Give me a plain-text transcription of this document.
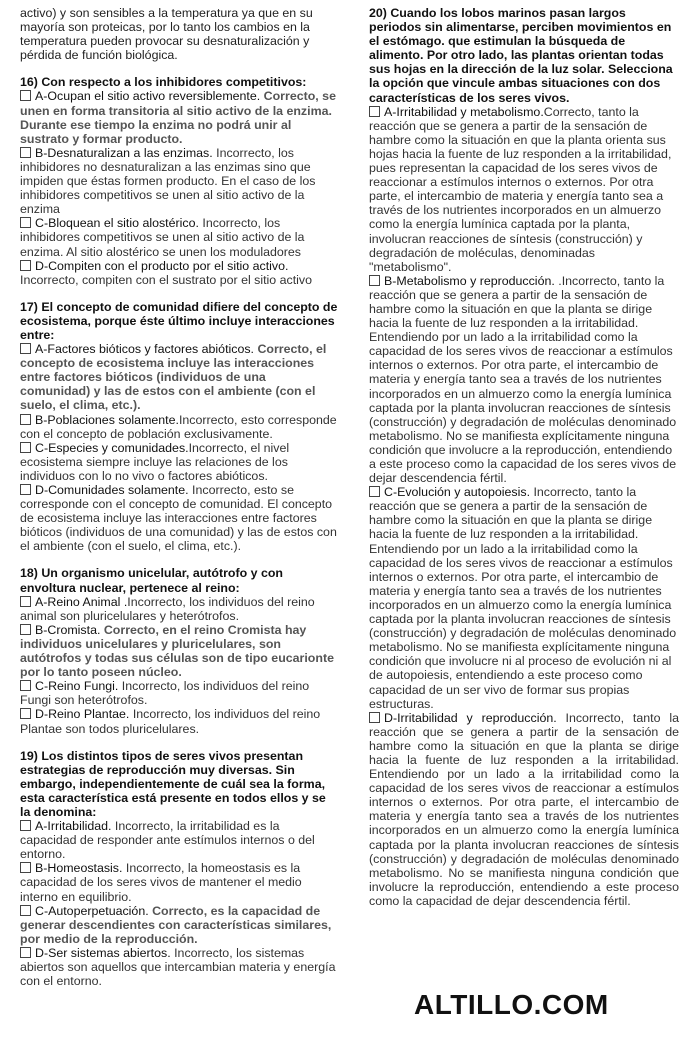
activo) y son sensibles a la temperatura ya que en su mayoría son proteicas, por lo tanto los cambios en la temperatura pueden provocar su desnaturalización y pérdida de función biológica.

16) Con respecto a los inhibidores competitivos:

A-Ocupan el sitio activo reversiblemente. Correcto, se unen en forma transitoria al sitio activo de la enzima. Durante ese tiempo la enzima no podrá unir al sustrato y formar producto.

B-Desnaturalizan a las enzimas. Incorrecto, los inhibidores no desnaturalizan a las enzimas sino que impiden que éstas formen producto. En el caso de los inhibidores competitivos se unen al sitio activo de la enzima

C-Bloquean el sitio alostérico. Incorrecto, los inhibidores competitivos se unen al sitio activo de la enzima. Al sitio alostérico se unen los moduladores

D-Compiten con el producto por el sitio activo. Incorrecto, compiten con el sustrato por el sitio activo

17) El concepto de comunidad difiere del concepto de ecosistema, porque éste último incluye interacciones entre:

A-Factores bióticos y factores abióticos. Correcto, el concepto de ecosistema incluye las interacciones entre factores bióticos (individuos de una comunidad) y las de estos con el ambiente (con el suelo, el clima, etc.).

B-Poblaciones solamente.Incorrecto, esto corresponde con el concepto de población exclusivamente.

C-Especies y comunidades.Incorrecto, el nivel ecosistema siempre incluye las relaciones de los individuos con lo no vivo o factores abióticos.

D-Comunidades solamente. Incorrecto, esto se corresponde con el concepto de comunidad. El concepto de ecosistema incluye las interacciones entre factores bióticos (individuos de una comunidad) y las de estos con el ambiente (con el suelo, el clima, etc.).

18) Un organismo unicelular, autótrofo y con envoltura nuclear, pertenece al reino:

A-Reino Animal .Incorrecto, los individuos del reino animal son pluricelulares y heterótrofos.

B-Cromista. Correcto, en el reino Cromista hay individuos unicelulares y pluricelulares, son autótrofos y todas sus células son de tipo eucarionte por lo tanto poseen núcleo.

C-Reino Fungi. Incorrecto, los individuos del reino Fungi son heterótrofos.

D-Reino Plantae. Incorrecto, los individuos del reino Plantae son todos pluricelulares.

19) Los distintos tipos de seres vivos presentan estrategias de reproducción muy diversas. Sin embargo, independientemente de cuál sea la forma, esta característica está presente en todos ellos y se la denomina:

A-Irritabilidad. Incorrecto, la irritabilidad es la capacidad de responder ante estímulos internos o del entorno.

B-Homeostasis. Incorrecto, la homeostasis es la capacidad de los seres vivos de mantener el medio interno en equilibrio.

C-Autoperpetuación. Correcto, es la capacidad de generar descendientes con características similares, por medio de la reproducción.

D-Ser sistemas abiertos. Incorrecto, los sistemas abiertos son aquellos que intercambian materia y energía con el entorno.

20) Cuando los lobos marinos pasan largos periodos sin alimentarse, perciben movimientos en el estómago. que estimulan la búsqueda de alimento. Por otro lado, las plantas orientan todas sus hojas en la dirección de la luz solar. Selecciona la opción que vincule ambas situaciones con dos características de los seres vivos.

A-Irritabilidad y metabolismo.Correcto, tanto la reacción que se genera a partir de la sensación de hambre como la situación en que la planta orienta sus hojas hacia la fuente de luz responden a la irritabilidad, pues representan la capacidad de los seres vivos de reaccionar a estímulos internos o externos. Por otra parte, el intercambio de materia y energía tanto sea a través de los nutrientes incorporados en un almuerzo como la energía lumínica captada por la planta, involucran reacciones de síntesis (construcción) y degradación de moléculas, denominadas "metabolismo".

B-Metabolismo y reproducción. .Incorrecto, tanto la reacción que se genera a partir de la sensación de hambre como la situación en que la planta se dirige hacia la fuente de luz responden a la irritabilidad. Entendiendo por un lado a la irritabilidad como la capacidad de los seres vivos de reaccionar a estímulos internos o externos. Por otra parte, el intercambio de materia y energía tanto sea a través de los nutrientes incorporados en un almuerzo como la energía lumínica captada por la planta involucran reacciones de síntesis (construcción) y degradación de moléculas denominado metabolismo. No se manifiesta explícitamente ninguna condición que involucre a la reproducción, entendiendo a este proceso como la capacidad de los seres vivos de dejar descendencia fértil.

C-Evolución y autopoiesis. Incorrecto, tanto la reacción que se genera a partir de la sensación de hambre como la situación en que la planta se dirige hacia la fuente de luz responden a la irritabilidad. Entendiendo por un lado a la irritabilidad como la capacidad de los seres vivos de reaccionar a estímulos internos o externos. Por otra parte, el intercambio de materia y energía tanto sea a través de los nutrientes incorporados en un almuerzo como la energía lumínica captada por la planta involucran reacciones de síntesis (construcción) y degradación de moléculas denominado metabolismo. No se manifiesta explícitamente ninguna condición que involucre ni al proceso de evolución ni al de autopoiesis, entendiendo a este proceso como capacidad de un ser vivo de formar sus propias estructuras.

D-Irritabilidad y reproducción. Incorrecto, tanto la reacción que se genera a partir de la sensación de hambre como la situación en que la planta se dirige hacia la fuente de luz responden a la irritabilidad. Entendiendo por un lado a la irritabilidad como la capacidad de los seres vivos de reaccionar a estímulos internos o externos. Por otra parte, el intercambio de materia y energía tanto sea a través de los nutrientes incorporados en un almuerzo como la energía lumínica captada por la planta involucran reacciones de síntesis (construcción) y degradación de moléculas denominado metabolismo. No se manifiesta ninguna condición que involucre la reproducción, entendiendo a este proceso como la capacidad de dejar descendencia fértil.

ALTILLO.COM
